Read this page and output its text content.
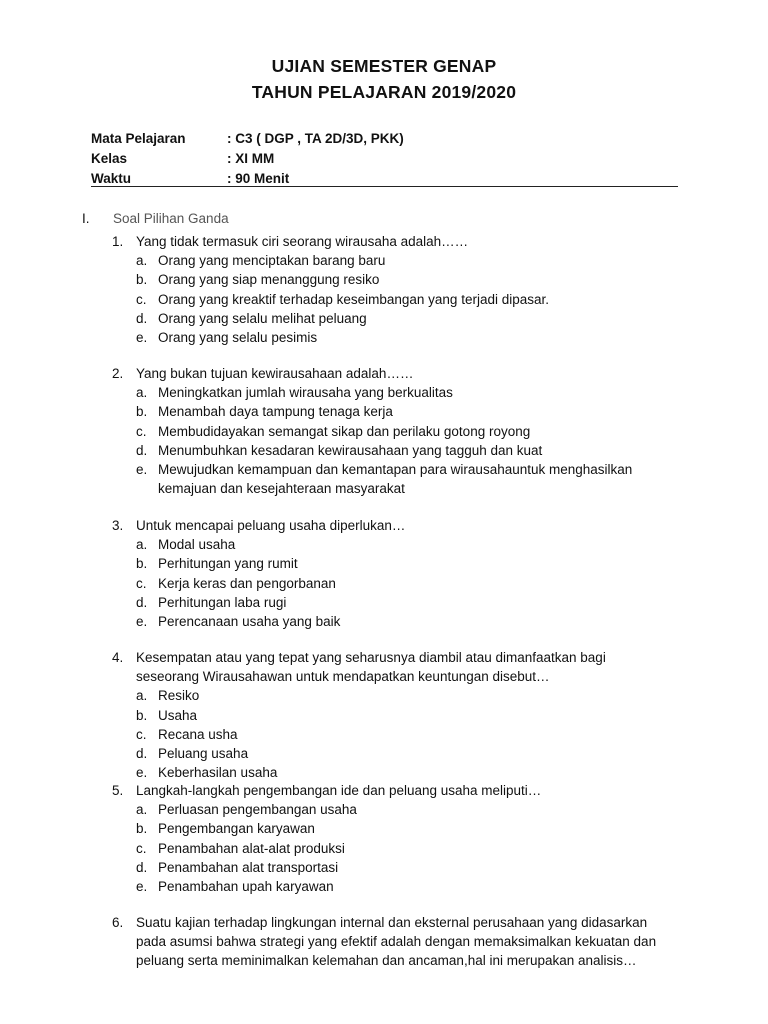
UJIAN SEMESTER GENAP
TAHUN PELAJARAN 2019/2020
Mata Pelajaran	: C3 ( DGP , TA 2D/3D, PKK)
Kelas	: XI MM
Waktu	: 90 Menit
I.	Soal Pilihan Ganda
1. Yang tidak termasuk ciri seorang wirausaha adalah……
a. Orang yang menciptakan barang baru
b. Orang yang siap menanggung resiko
c. Orang yang kreaktif terhadap keseimbangan yang terjadi dipasar.
d. Orang yang selalu melihat peluang
e. Orang yang selalu pesimis
2. Yang bukan tujuan kewirausahaan adalah……
a. Meningkatkan jumlah wirausaha yang berkualitas
b. Menambah daya tampung tenaga kerja
c. Membudidayakan semangat sikap dan perilaku gotong royong
d. Menumbuhkan kesadaran kewirausahaan yang tagguh dan kuat
e. Mewujudkan kemampuan dan kemantapan para wirausahauntuk menghasilkan kemajuan dan kesejahteraan masyarakat
3. Untuk mencapai peluang usaha diperlukan…
a. Modal usaha
b. Perhitungan yang rumit
c. Kerja keras dan pengorbanan
d. Perhitungan laba rugi
e. Perencanaan usaha yang baik
4. Kesempatan atau yang tepat yang seharusnya diambil atau dimanfaatkan bagi seseorang Wirausahawan untuk mendapatkan keuntungan disebut…
a. Resiko
b. Usaha
c. Recana usha
d. Peluang usaha
e. Keberhasilan usaha
5. Langkah-langkah pengembangan ide dan peluang usaha meliputi…
a. Perluasan pengembangan usaha
b. Pengembangan karyawan
c. Penambahan alat-alat produksi
d. Penambahan alat transportasi
e. Penambahan upah karyawan
6. Suatu kajian terhadap lingkungan internal dan eksternal perusahaan yang didasarkan pada asumsi bahwa strategi yang efektif adalah dengan memaksimalkan kekuatan dan peluang serta meminimalkan kelemahan dan ancaman,hal ini merupakan analisis…
